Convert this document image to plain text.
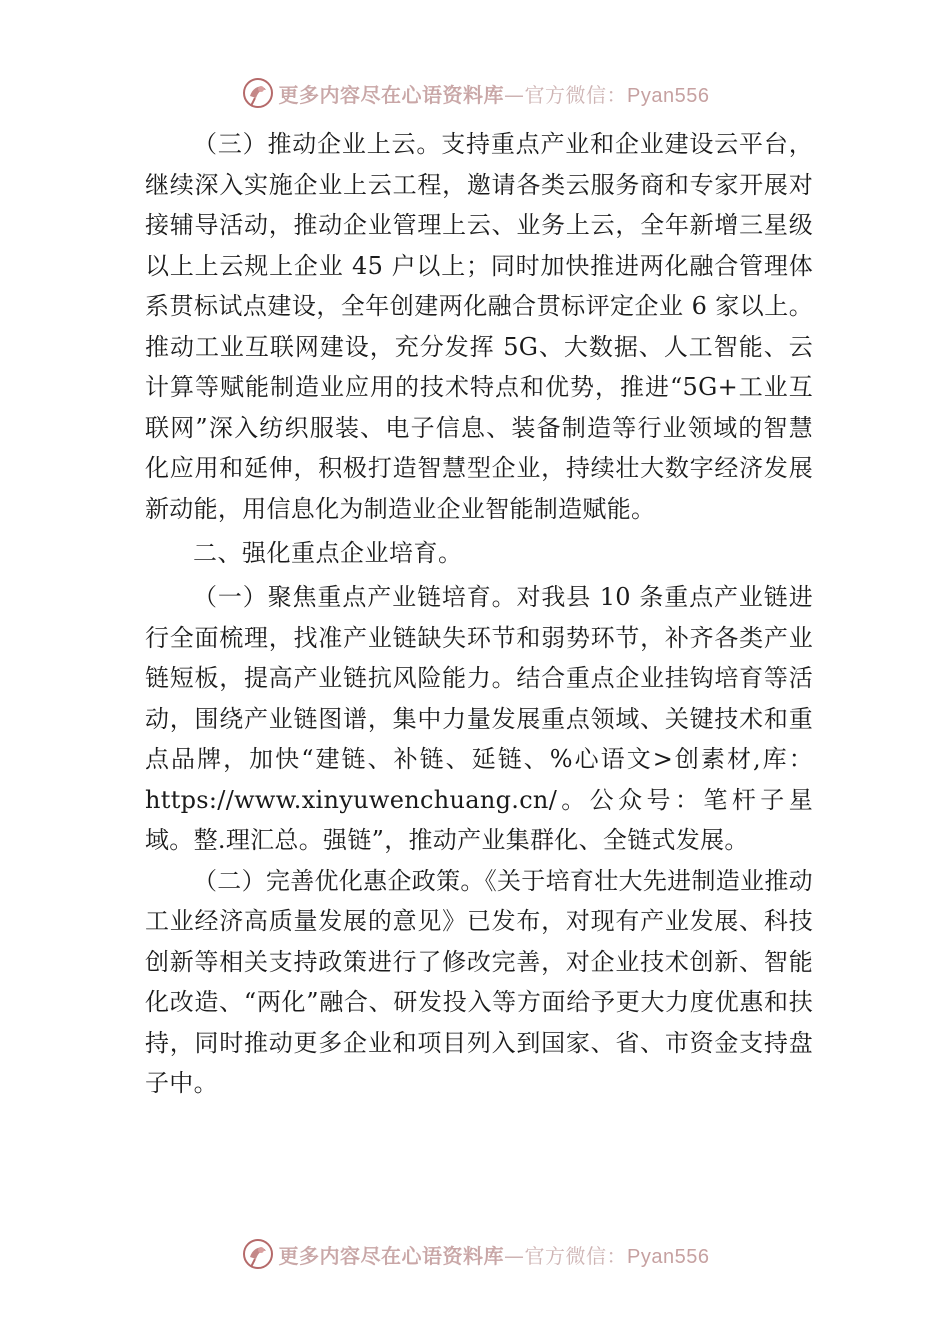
更多内容尽在心语资料库—官方微信：Pyan556

（三）推动企业上云。支持重点产业和企业建设云平台，继续深入实施企业上云工程，邀请各类云服务商和专家开展对接辅导活动，推动企业管理上云、业务上云，全年新增三星级以上上云规上企业 45 户以上；同时加快推进两化融合管理体系贯标试点建设，全年创建两化融合贯标评定企业 6 家以上。推动工业互联网建设，充分发挥 5G、大数据、人工智能、云计算等赋能制造业应用的技术特点和优势，推进“5G+工业互联网”深入纺织服装、电子信息、装备制造等行业领域的智慧化应用和延伸，积极打造智慧型企业，持续壮大数字经济发展新动能，用信息化为制造业企业智能制造赋能。

二、强化重点企业培育。

（一）聚焦重点产业链培育。对我县 10 条重点产业链进行全面梳理，找准产业链缺失环节和弱势环节，补齐各类产业链短板，提高产业链抗风险能力。结合重点企业挂钩培育等活动，围绕产业链图谱，集中力量发展重点领域、关键技术和重点品牌，加快“建链、补链、延链、%心语文>创素材,库：https://www.xinyuwenchuang.cn/。公众号：笔杆子星域。整.理汇总。强链”，推动产业集群化、全链式发展。

（二）完善优化惠企政策。《关于培育壮大先进制造业推动工业经济高质量发展的意见》已发布，对现有产业发展、科技创新等相关支持政策进行了修改完善，对企业技术创新、智能化改造、“两化”融合、研发投入等方面给予更大力度优惠和扶持，同时推动更多企业和项目列入到国家、省、市资金支持盘子中。

更多内容尽在心语资料库—官方微信：Pyan556
